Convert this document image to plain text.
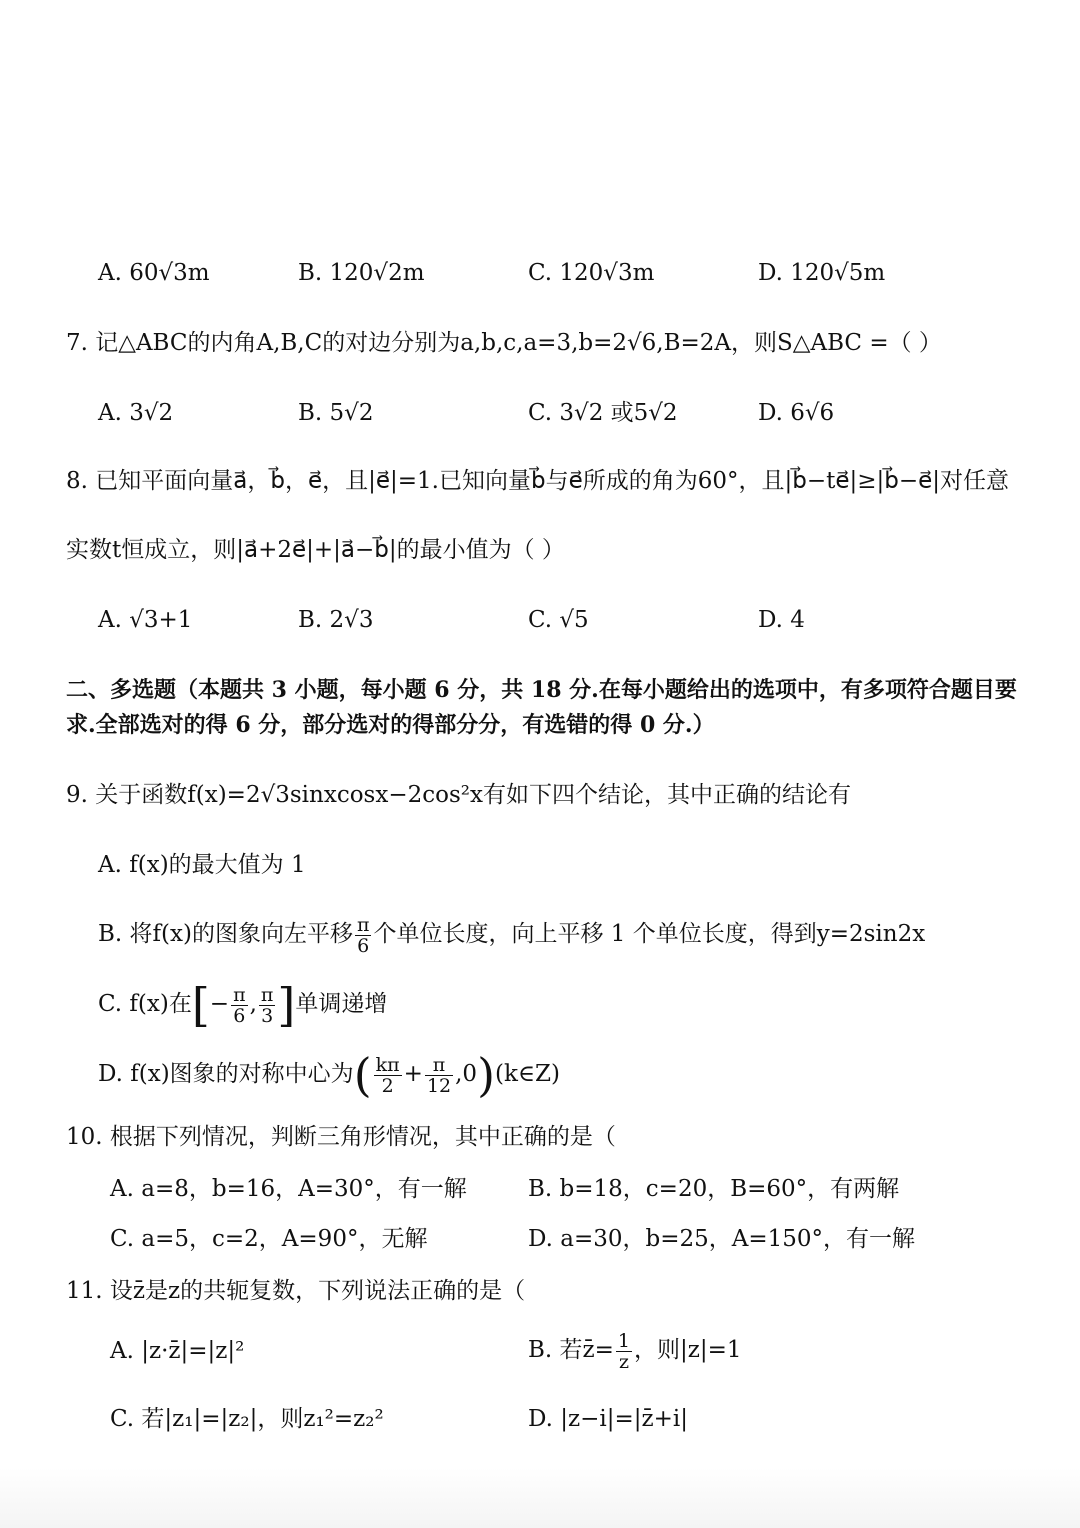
A. 60√3m	B. 120√2m	C. 120√3m	D. 120√5m
7. 记△ABC的内角A,B,C的对边分别为a,b,c,a=3,b=2√6,B=2A，则S△ABC =（ ）
A. 3√2	B. 5√2	C. 3√2 或5√2	D. 6√6
8. 已知平面向量a⃗，b⃗，e⃗，且|e⃗|=1.已知向量b⃗与e⃗所成的角为60°，且|b⃗−te⃗|≥|b⃗−e⃗|对任意
实数t恒成立，则|a⃗+2e⃗|+|a⃗−b⃗|的最小值为（ ）
A. √3+1	B. 2√3	C. √5	D. 4
二、多选题（本题共 3 小题，每小题 6 分，共 18 分.在每小题给出的选项中，有多项符合题目要
求.全部选对的得 6 分，部分选对的得部分分，有选错的得 0 分.）
9. 关于函数f(x)=2√3sinxcosx−2cos²x有如下四个结论，其中正确的结论有
A. f(x)的最大值为 1
B. 将f(x)的图象向左平移 $\frac{\pi}{6}$ 个单位长度，向上平移 1 个单位长度，得到y=2sin2x
C. f(x)在[− $\frac{\pi}{6}$ , $\frac{\pi}{3}$ ]单调递增
D. f(x)图象的对称中心为( $\frac{k\pi}{2} + \frac{\pi}{12}$ ,0)(k∈Z)
10. 根据下列情况，判断三角形情况，其中正确的是（
A. a=8，b=16，A=30°，有一解	B. b=18，c=20，B=60°，有两解
C. a=5，c=2，A=90°，无解	D. a=30，b=25，A=150°，有一解
11. 设z̄是z的共轭复数，下列说法正确的是（
A. |z·z̄|=|z|²	B. 若z̄= $\frac{1}{z}$ ，则|z|=1
C. 若|z₁|=|z₂|，则z₁²=z₂²	D. |z−i|=|z̄+i|
